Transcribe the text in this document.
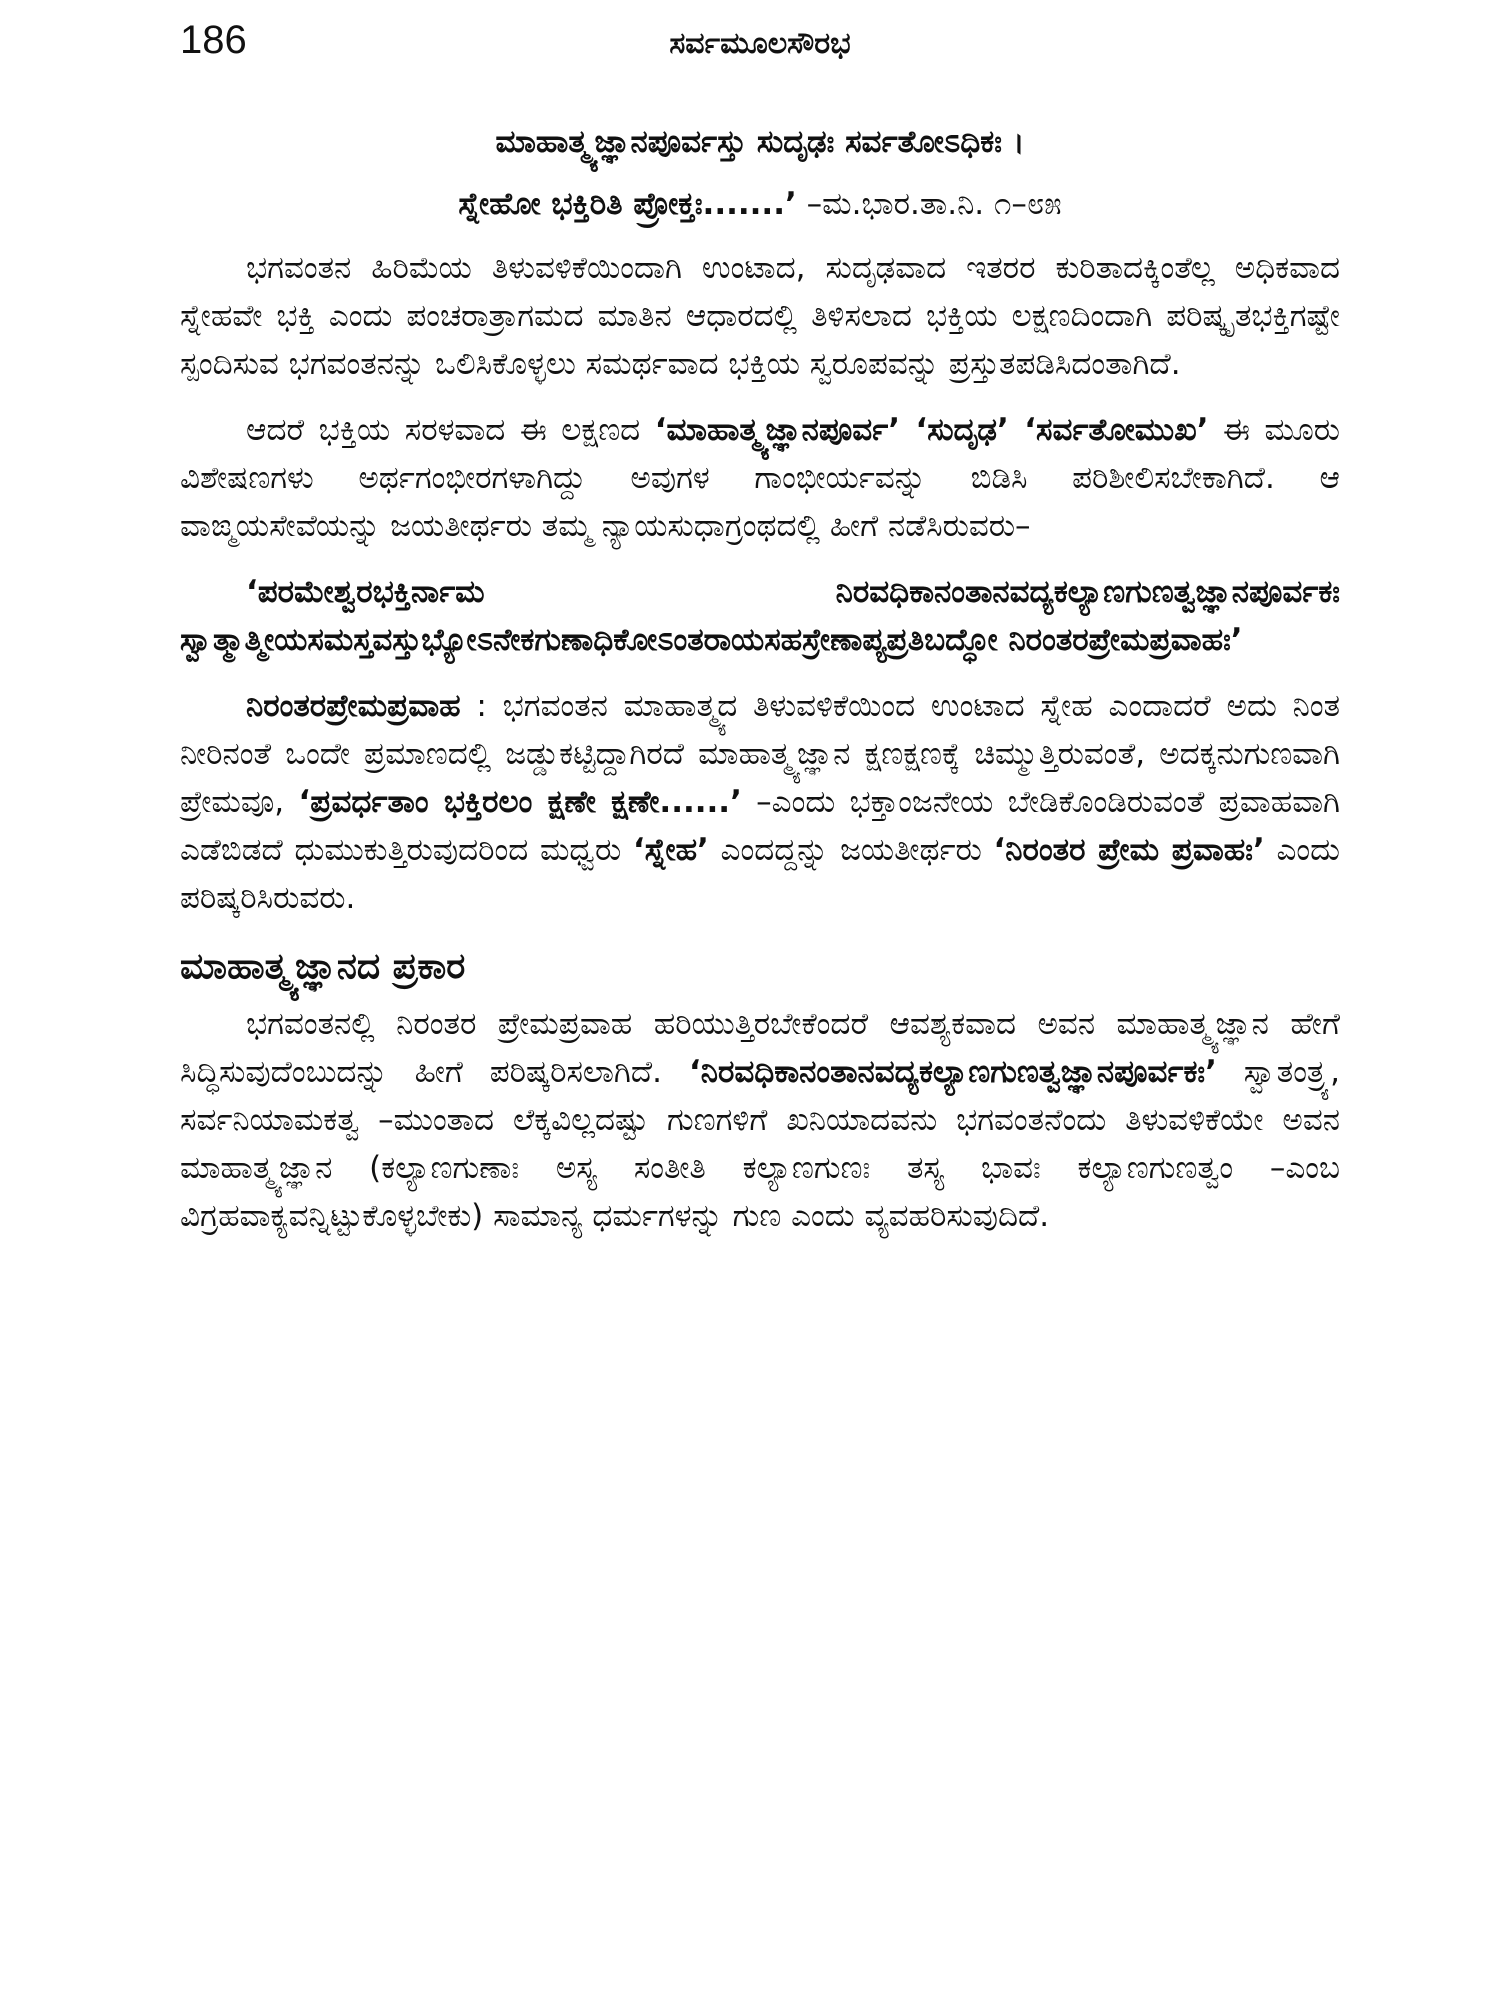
186	ಸರ್ವಮೂಲಸೌರಭ
ಮಾಹಾತ್ಮ್ಯಜ್ಞಾನಪೂರ್ವಸ್ತು ಸುದೃಢಃ ಸರ್ವತೋಽಧಿಕಃ ।
ಸ್ನೇಹೋ ಭಕ್ತಿರಿತಿ ಪ್ರೋಕ್ತಃ.......’ –ಮ.ಭಾರ.ತಾ.ನಿ. ೧–೮೫

ಭಗವಂತನ ಹಿರಿಮೆಯ ತಿಳುವಳಿಕೆಯಿಂದಾಗಿ ಉಂಟಾದ, ಸುದೃಢವಾದ ಇತರರ ಕುರಿತಾದಕ್ಕಿಂತೆಲ್ಲ ಅಧಿಕವಾದ ಸ್ನೇಹವೇ ಭಕ್ತಿ ಎಂದು ಪಂಚರಾತ್ರಾಗಮದ ಮಾತಿನ ಆಧಾರದಲ್ಲಿ ತಿಳಿಸಲಾದ ಭಕ್ತಿಯ ಲಕ್ಷಣದಿಂದಾಗಿ ಪರಿಷ್ಕೃತಭಕ್ತಿಗಷ್ಟೇ ಸ್ಪಂದಿಸುವ ಭಗವಂತನನ್ನು ಒಲಿಸಿಕೊಳ್ಳಲು ಸಮರ್ಥವಾದ ಭಕ್ತಿಯ ಸ್ವರೂಪವನ್ನು ಪ್ರಸ್ತುತಪಡಿಸಿದಂತಾಗಿದೆ.

ಆದರೆ ಭಕ್ತಿಯ ಸರಳವಾದ ಈ ಲಕ್ಷಣದ ‘ಮಾಹಾತ್ಮ್ಯಜ್ಞಾನಪೂರ್ವ’ ‘ಸುದೃಢ’ ‘ಸರ್ವತೋಮುಖ’ ಈ ಮೂರು ವಿಶೇಷಣಗಳು ಅರ್ಥಗಂಭೀರಗಳಾಗಿದ್ದು ಅವುಗಳ ಗಾಂಭೀರ್ಯವನ್ನು ಬಿಡಿಸಿ ಪರಿಶೀಲಿಸಬೇಕಾಗಿದೆ. ಆ ವಾಙ್ಮಯಸೇವೆಯನ್ನು ಜಯತೀರ್ಥರು ತಮ್ಮ ನ್ಯಾಯಸುಧಾಗ್ರಂಥದಲ್ಲಿ ಹೀಗೆ ನಡೆಸಿರುವರು–

‘ಪರಮೇಶ್ವರಭಕ್ತಿರ್ನಾಮ ನಿರವಧಿಕಾನಂತಾನವದ್ಯಕಲ್ಯಾಣಗುಣತ್ವಜ್ಞಾನಪೂರ್ವಕಃ ಸ್ವಾತ್ಮಾತ್ಮೀಯಸಮಸ್ತವಸ್ತುಭ್ಯೋಽನೇಕಗುಣಾಧಿಕೋಽಂತರಾಯಸಹಸ್ರೇಣಾಪ್ಯಪ್ರತಿಬದ್ಧೋ ನಿರಂತರಪ್ರೇಮಪ್ರವಾಹಃ’

ನಿರಂತರಪ್ರೇಮಪ್ರವಾಹ : ಭಗವಂತನ ಮಾಹಾತ್ಮ್ಯದ ತಿಳುವಳಿಕೆಯಿಂದ ಉಂಟಾದ ಸ್ನೇಹ ಎಂದಾದರೆ ಅದು ನಿಂತ ನೀರಿನಂತೆ ಒಂದೇ ಪ್ರಮಾಣದಲ್ಲಿ ಜಡ್ಡುಕಟ್ಟಿದ್ದಾಗಿರದೆ ಮಾಹಾತ್ಮ್ಯಜ್ಞಾನ ಕ್ಷಣಕ್ಷಣಕ್ಕೆ ಚಿಮ್ಮುತ್ತಿರುವಂತೆ, ಅದಕ್ಕನುಗುಣವಾಗಿ ಪ್ರೇಮವೂ, ‘ಪ್ರವರ್ಧತಾಂ ಭಕ್ತಿರಲಂ ಕ್ಷಣೇ ಕ್ಷಣೇ......’ –ಎಂದು ಭಕ್ತಾಂಜನೇಯ ಬೇಡಿಕೊಂಡಿರುವಂತೆ ಪ್ರವಾಹವಾಗಿ ಎಡೆಬಿಡದೆ ಧುಮುಕುತ್ತಿರುವುದರಿಂದ ಮಧ್ವರು ‘ಸ್ನೇಹ’ ಎಂದದ್ದನ್ನು ಜಯತೀರ್ಥರು ‘ನಿರಂತರ ಪ್ರೇಮ ಪ್ರವಾಹಃ’ ಎಂದು ಪರಿಷ್ಕರಿಸಿರುವರು.

ಮಾಹಾತ್ಮ್ಯಜ್ಞಾನದ ಪ್ರಕಾರ

ಭಗವಂತನಲ್ಲಿ ನಿರಂತರ ಪ್ರೇಮಪ್ರವಾಹ ಹರಿಯುತ್ತಿರಬೇಕೆಂದರೆ ಆವಶ್ಯಕವಾದ ಅವನ ಮಾಹಾತ್ಮ್ಯಜ್ಞಾನ ಹೇಗೆ ಸಿದ್ಧಿಸುವುದೆಂಬುದನ್ನು ಹೀಗೆ ಪರಿಷ್ಕರಿಸಲಾಗಿದೆ. ‘ನಿರವಧಿಕಾನಂತಾನವದ್ಯಕಲ್ಯಾಣಗುಣತ್ವಜ್ಞಾನಪೂರ್ವಕಃ’ ಸ್ವಾತಂತ್ರ್ಯ, ಸರ್ವನಿಯಾಮಕತ್ವ –ಮುಂತಾದ ಲೆಕ್ಕವಿಲ್ಲದಷ್ಟು ಗುಣಗಳಿಗೆ ಖನಿಯಾದವನು ಭಗವಂತನೆಂದು ತಿಳುವಳಿಕೆಯೇ ಅವನ ಮಾಹಾತ್ಮ್ಯಜ್ಞಾನ (ಕಲ್ಯಾಣಗುಣಾಃ ಅಸ್ಯ ಸಂತೀತಿ ಕಲ್ಯಾಣಗುಣಃ ತಸ್ಯ ಭಾವಃ ಕಲ್ಯಾಣಗುಣತ್ವಂ –ಎಂಬ ವಿಗ್ರಹವಾಕ್ಯವನ್ನಿಟ್ಟುಕೊಳ್ಳಬೇಕು) ಸಾಮಾನ್ಯ ಧರ್ಮಗಳನ್ನು ಗುಣ ಎಂದು ವ್ಯವಹರಿಸುವುದಿದೆ.
